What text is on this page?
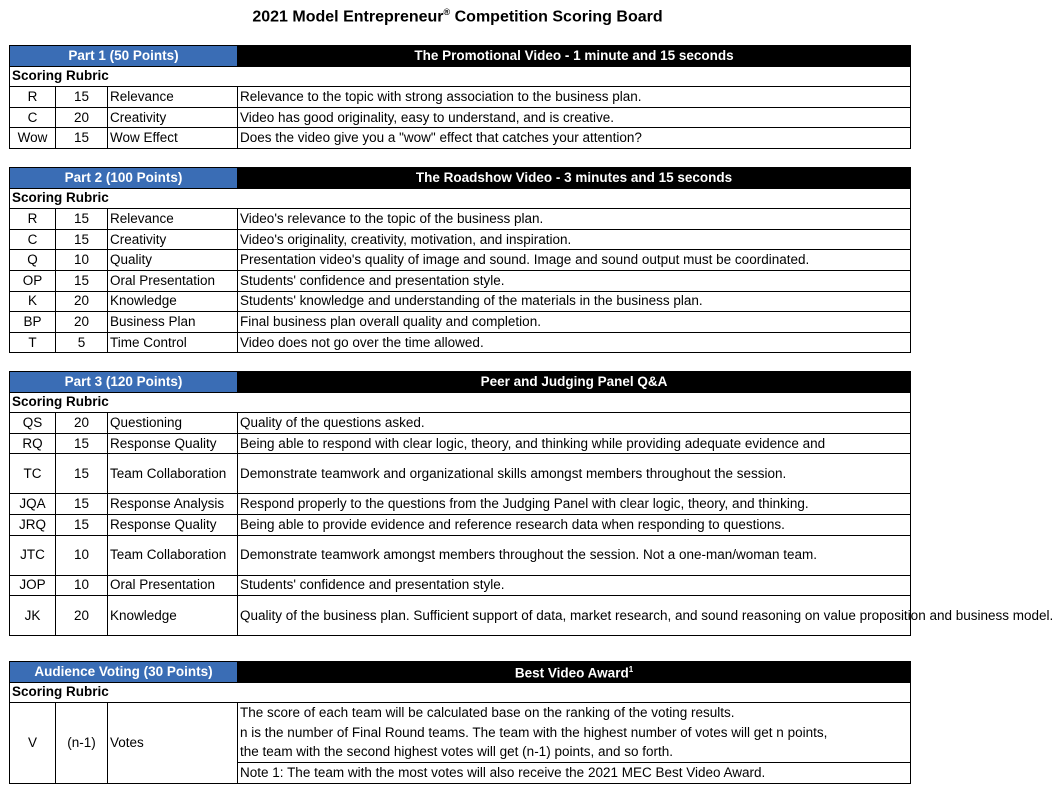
2021 Model Entrepreneur® Competition Scoring Board
Part 1 (50 Points)			The Promotional Video - 1 minute and 15 seconds
Scoring Rubric			
R	15	Relevance	Relevance to the topic with strong association to the business plan.
C	20	Creativity	Video has good originality, easy to understand, and is creative.
Wow	15	Wow Effect	Does the video give you a "wow" effect that catches your attention?
Part 2 (100 Points)			The Roadshow Video - 3 minutes and 15 seconds
Scoring Rubric			
R	15	Relevance	Video's relevance to the topic of the business plan.
C	15	Creativity	Video's originality, creativity, motivation, and inspiration.
Q	10	Quality	Presentation video's quality of image and sound. Image and sound output must be coordinated.
OP	15	Oral Presentation	Students' confidence and presentation style.
K	20	Knowledge	Students' knowledge and understanding of the materials in the business plan.
BP	20	Business Plan	Final business plan overall quality and completion.
T	5	Time Control	Video does not go over the time allowed.
Part 3 (120 Points)			Peer and Judging Panel Q&A
Scoring Rubric			
QS	20	Questioning	Quality of the questions asked.
RQ	15	Response Quality	Being able to respond with clear logic, theory, and thinking while providing adequate evidence and
TC	15	Team Collaboration	Demonstrate teamwork and organizational skills amongst members throughout the session.
JQA	15	Response Analysis	Respond properly to the questions from the Judging Panel with clear logic, theory, and thinking.
JRQ	15	Response Quality	Being able to provide evidence and reference research data when responding to questions.
JTC	10	Team Collaboration	Demonstrate teamwork amongst members throughout the session. Not a one-man/woman team.
JOP	10	Oral Presentation	Students' confidence and presentation style.
JK	20	Knowledge	Quality of the business plan. Sufficient support of data, market research, and sound reasoning on value proposition and business model.
Audience Voting (30 Points)			Best Video Award$^1$
Scoring Rubric			
V	(n-1)	Votes	The score of each team will be calculated base on the ranking of the voting results.
			n is the number of Final Round teams. The team with the highest number of votes will get n points,
			the team with the second highest votes will get (n-1) points, and so forth.
			Note 1: The team with the most votes will also receive the 2021 MEC Best Video Award.
